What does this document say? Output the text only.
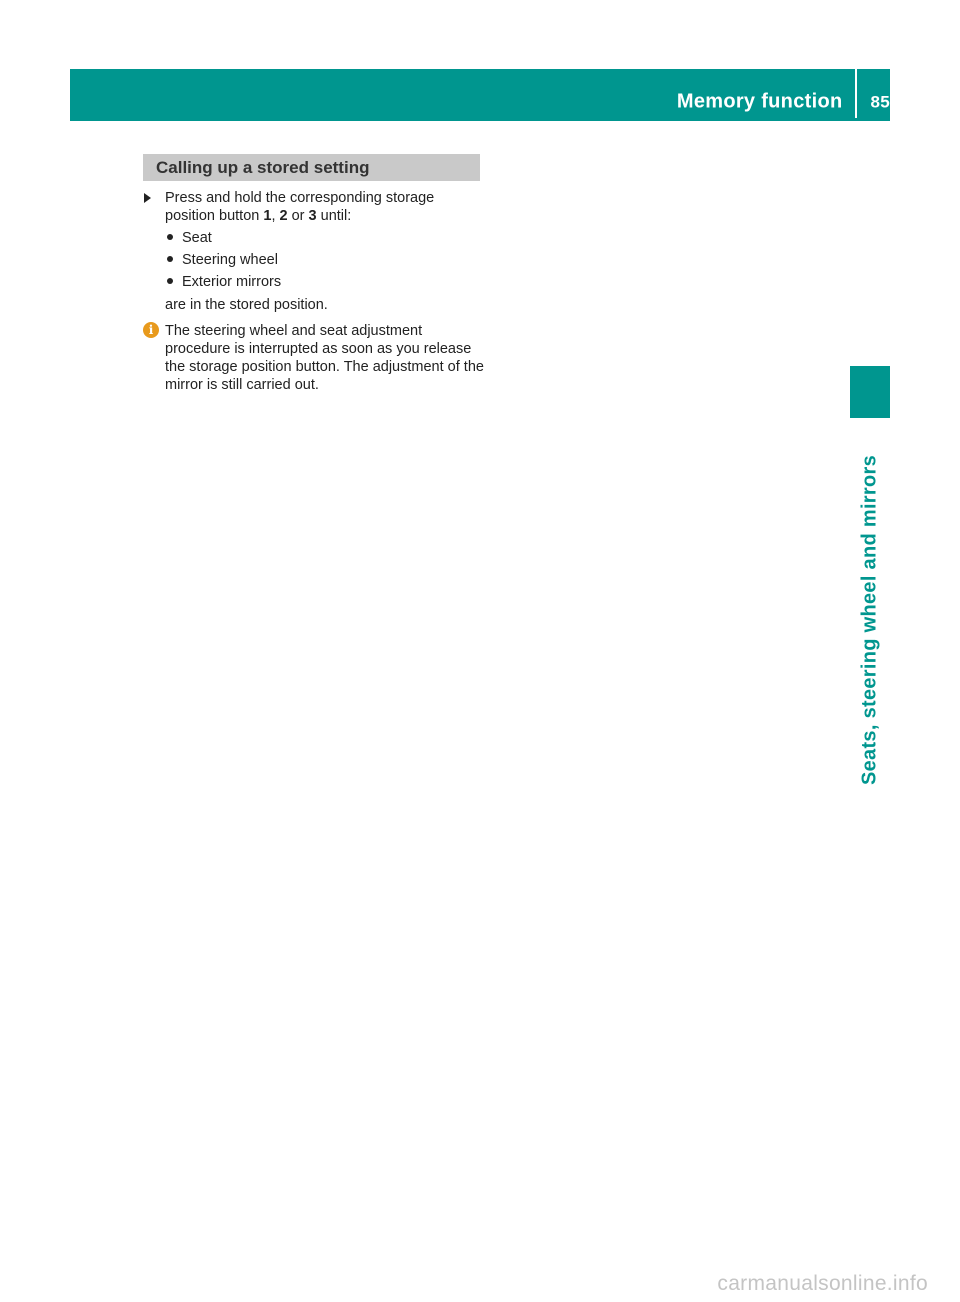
Memory function 85
Seats, steering wheel and mirrors
Calling up a stored setting
Press and hold the corresponding storage position button 1, 2 or 3 until:
Seat
Steering wheel
Exterior mirrors
are in the stored position.
i The steering wheel and seat adjustment procedure is interrupted as soon as you release the storage position button. The adjustment of the mirror is still carried out.
carmanualsonline.info
